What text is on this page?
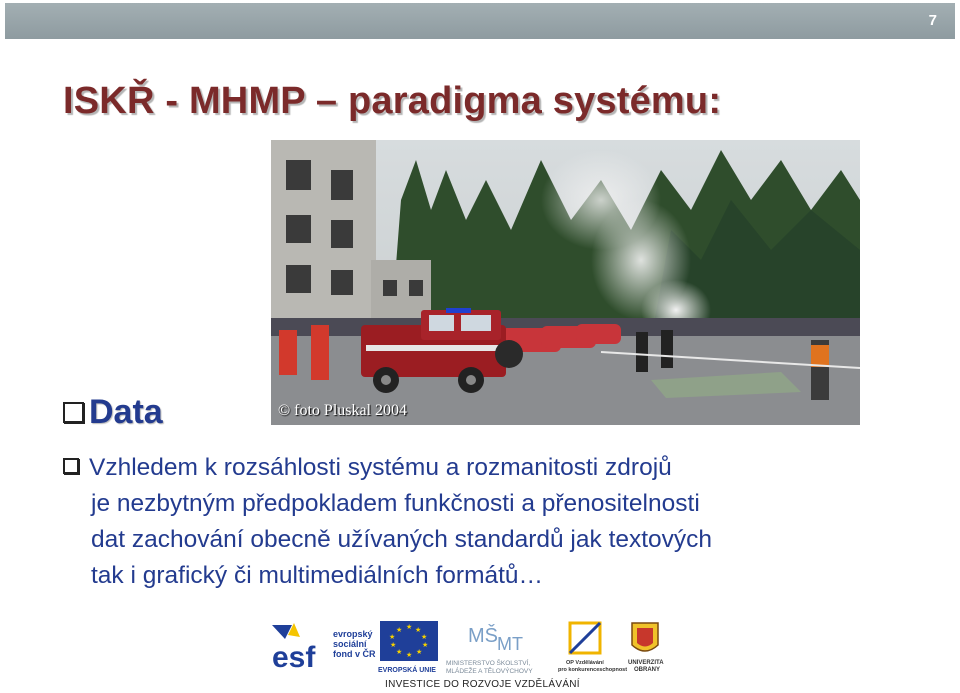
7
ISKŘ - MHMP – paradigma systému:
© foto Pluskal 2004
Data
Vzhledem k rozsáhlosti systému a rozmanitosti zdrojů
je nezbytným předpokladem funkčnosti a přenositelnosti
dat zachování obecně užívaných standardů jak textových
tak i grafický či multimediálních formátů…
esf
evropský
sociální
fond v ČR
★ ★
★
★
★
★
★
★
★
★
EVROPSKÁ UNIE
MŠ MT
MINISTERSTVO ŠKOLSTVÍ,
MLÁDEŽE A TĚLOVÝCHOVY
OP Vzdělávání
pro konkurenceschopnost
UNIVERZITA
OBRANY
INVESTICE DO ROZVOJE VZDĚLÁVÁNÍ
